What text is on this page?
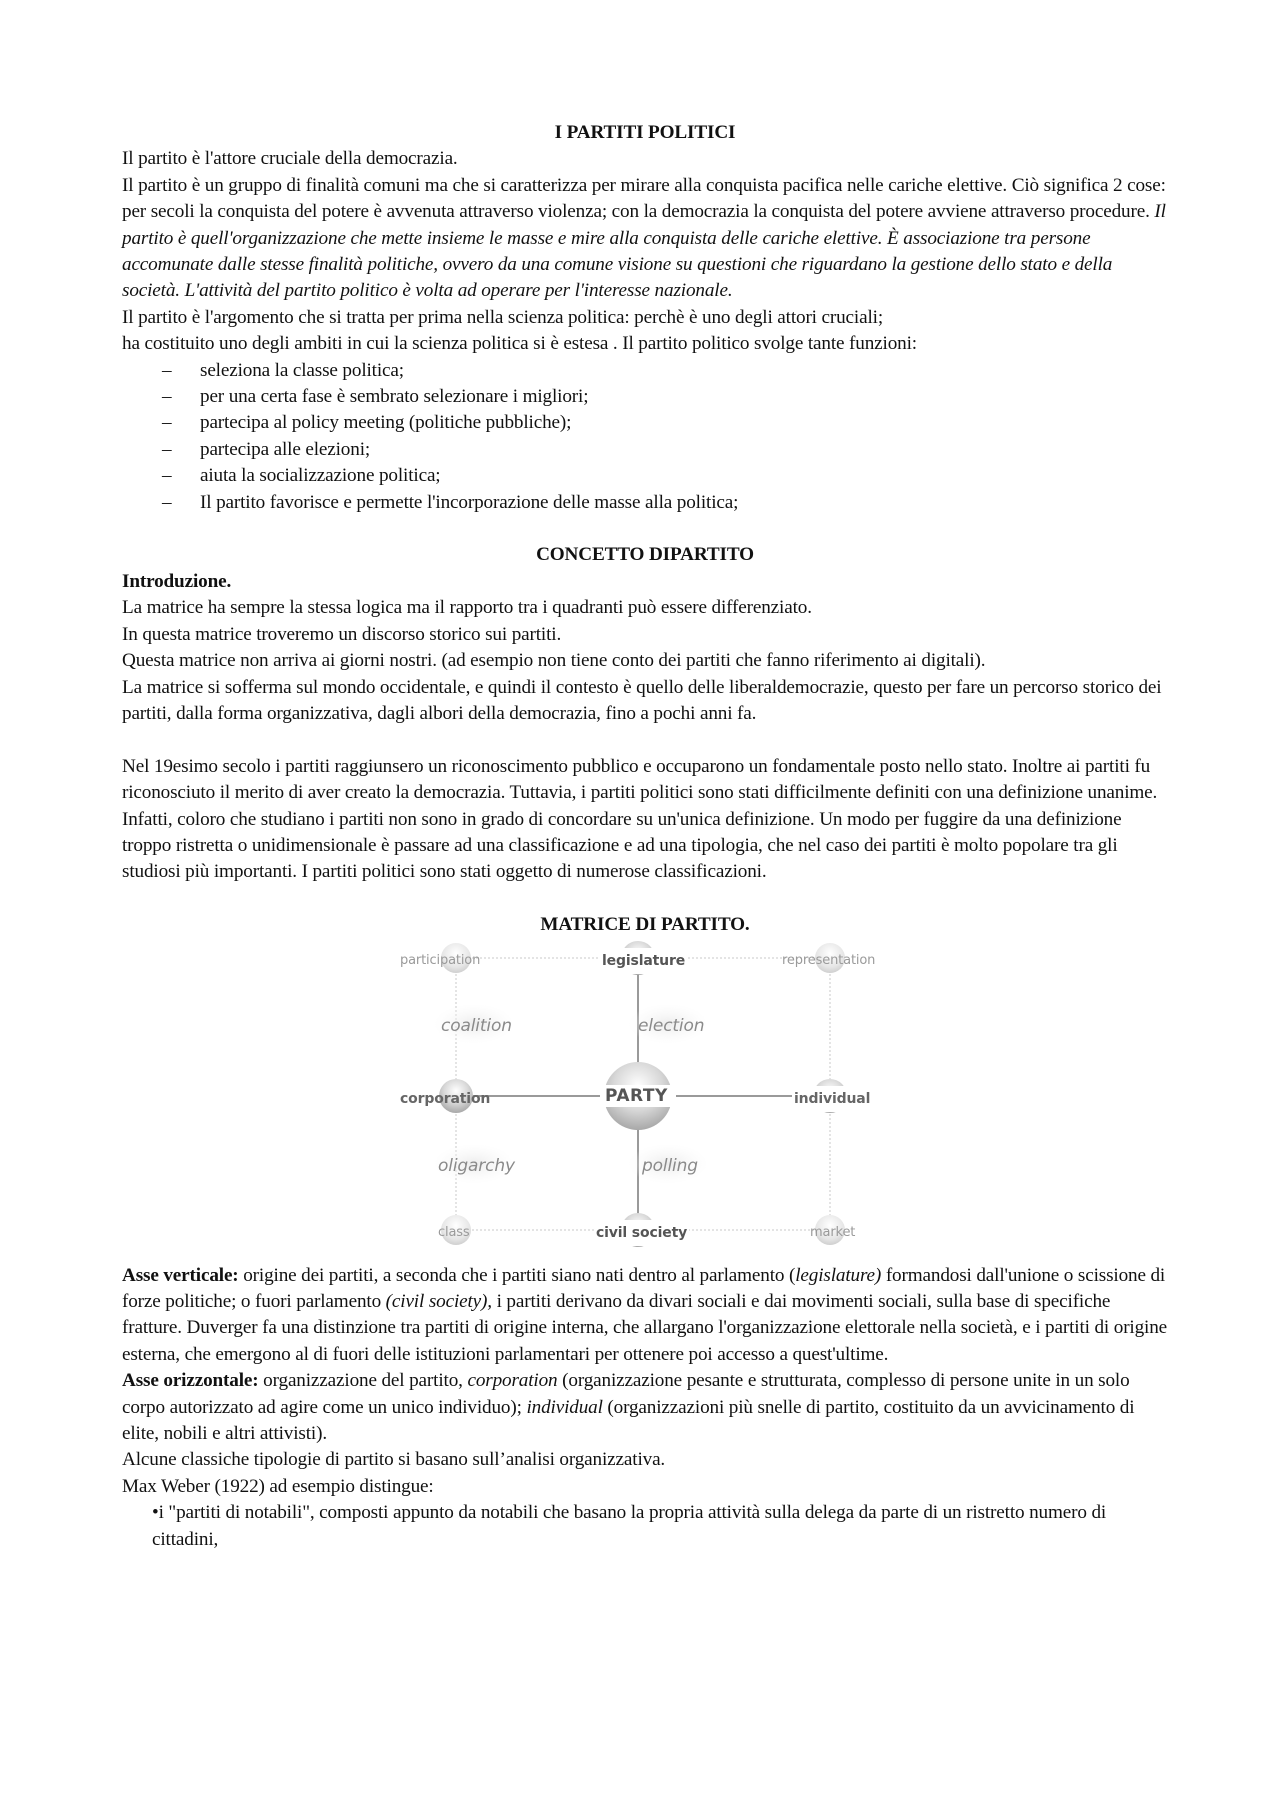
I PARTITI POLITICI

Il partito è l'attore cruciale della democrazia.

Il partito è un gruppo di finalità comuni ma che si caratterizza per mirare alla conquista pacifica nelle cariche elettive. Ciò significa 2 cose: per secoli la conquista del potere è avvenuta attraverso violenza; con la democrazia la conquista del potere avviene attraverso procedure. Il partito è quell'organizzazione che mette insieme le masse e mire alla conquista delle cariche elettive. È associazione tra persone accomunate dalle stesse finalità politiche, ovvero da una comune visione su questioni che riguardano la gestione dello stato e della società. L'attività del partito politico è volta ad operare per l'interesse nazionale.

Il partito è l'argomento che si tratta per prima nella scienza politica: perchè è uno degli attori cruciali;

ha costituito uno degli ambiti in cui la scienza politica si è estesa . Il partito politico svolge tante funzioni:

– seleziona la classe politica;
– per una certa fase è sembrato selezionare i migliori;
– partecipa al policy meeting (politiche pubbliche);
– partecipa alle elezioni;
– aiuta la socializzazione politica;
– Il partito favorisce e permette l'incorporazione delle masse alla politica;
CONCETTO DIPARTITO

Introduzione.

La matrice ha sempre la stessa logica ma il rapporto tra i quadranti può essere differenziato.

In questa matrice troveremo un discorso storico sui partiti.

Questa matrice non arriva ai giorni nostri. (ad esempio non tiene conto dei partiti che fanno riferimento ai digitali).

La matrice si sofferma sul mondo occidentale, e quindi il contesto è quello delle liberaldemocrazie, questo per fare un percorso storico dei partiti, dalla forma organizzativa, dagli albori della democrazia, fino a pochi anni fa.

Nel 19esimo secolo i partiti raggiunsero un riconoscimento pubblico e occuparono un fondamentale posto nello stato. Inoltre ai partiti fu riconosciuto il merito di aver creato la democrazia. Tuttavia, i partiti politici sono stati difficilmente definiti con una definizione unanime. Infatti, coloro che studiano i partiti non sono in grado di concordare su un'unica definizione. Un modo per fuggire da una definizione troppo ristretta o unidimensionale è passare ad una classificazione e ad una tipologia, che nel caso dei partiti è molto popolare tra gli studiosi più importanti. I partiti politici sono stati oggetto di numerose classificazioni.

MATRICE DI PARTITO.
participation	legislature	representation
coalition	election
corporation	PARTY	individual
oligarchy	polling
class	civil society	market

Asse verticale: origine dei partiti, a seconda che i partiti siano nati dentro al parlamento (legislature) formandosi dall'unione o scissione di forze politiche; o fuori parlamento (civil society), i partiti derivano da divari sociali e dai movimenti sociali, sulla base di specifiche fratture. Duverger fa una distinzione tra partiti di origine interna, che allargano l'organizzazione elettorale nella società, e i partiti di origine esterna, che emergono al di fuori delle istituzioni parlamentari per ottenere poi accesso a quest'ultime.

Asse orizzontale: organizzazione del partito, corporation (organizzazione pesante e strutturata, complesso di persone unite in un solo corpo autorizzato ad agire come un unico individuo); individual (organizzazioni più snelle di partito, costituito da un avvicinamento di elite, nobili e altri attivisti).

Alcune classiche tipologie di partito si basano sull’analisi organizzativa.

Max Weber (1922) ad esempio distingue:

•i "partiti di notabili", composti appunto da notabili che basano la propria attività sulla delega da parte di un ristretto numero di cittadini,
